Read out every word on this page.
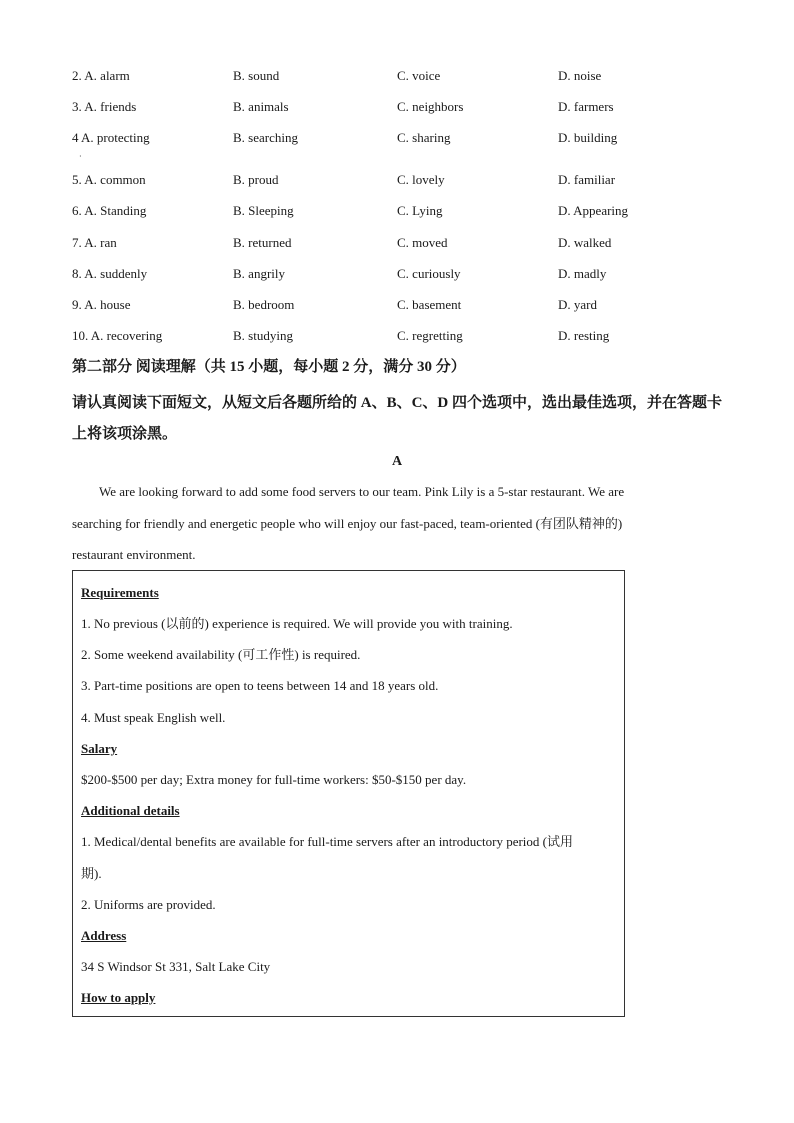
2. A. alarm	B. sound	C. voice	D. noise
3. A. friends	B. animals	C. neighbors	D. farmers
4 A. protecting	B. searching	C. sharing	D. building
·
5. A. common	B. proud	C. lovely	D. familiar
6. A. Standing	B. Sleeping	C. Lying	D. Appearing
7. A. ran	B. returned	C. moved	D. walked
8. A. suddenly	B. angrily	C. curiously	D. madly
9. A. house	B. bedroom	C. basement	D. yard
10. A. recovering	B. studying	C. regretting	D. resting
第二部分 阅读理解（共 15 小题，每小题 2 分，满分 30 分）
请认真阅读下面短文，从短文后各题所给的 A、B、C、D 四个选项中，选出最佳选项，并在答题卡上将该项涂黑。
A
We are looking forward to add some food servers to our team. Pink Lily is a 5-star restaurant. We are
searching for friendly and energetic people who will enjoy our fast-paced, team-oriented (有团队精神的)
restaurant environment.
Requirements
1. No previous (以前的) experience is required. We will provide you with training.
2. Some weekend availability (可工作性) is required.
3. Part-time positions are open to teens between 14 and 18 years old.
4. Must speak English well.
Salary
$200-$500 per day; Extra money for full-time workers: $50-$150 per day.
Additional details
1. Medical/dental benefits are available for full-time servers after an introductory period (试用
期).
2. Uniforms are provided.
Address
34 S Windsor St 331, Salt Lake City
How to apply
